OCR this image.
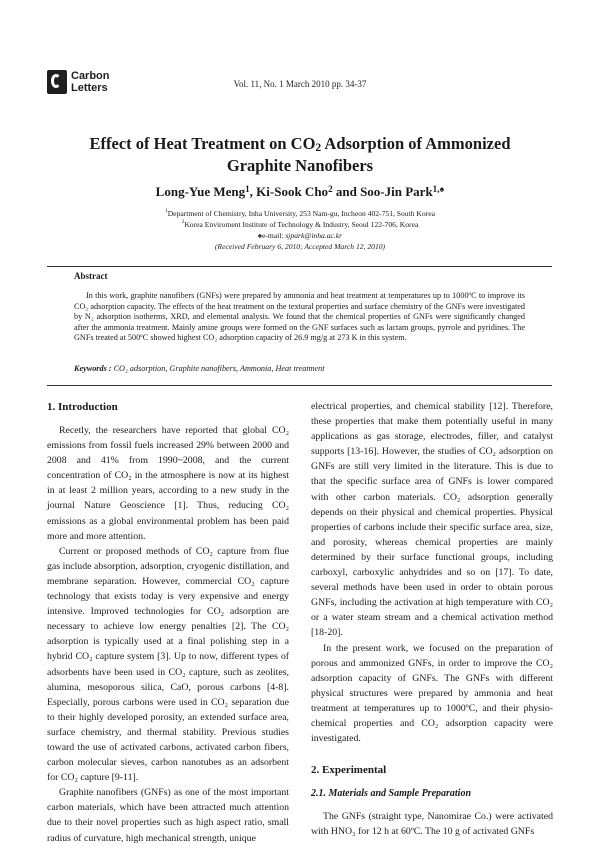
Carbon
Letters	Vol. 11, No. 1 March 2010 pp. 34-37
Effect of Heat Treatment on $CO_2$ Adsorption of Ammonized Graphite Nanofibers

Long-Yue Meng$^1$, Ki-Sook Cho$^2$ and Soo-Jin Park$^{1,♠}$

$^1$Department of Chemistry, Inha University, 253 Nam-gu, Incheon 402-751, South Korea
$^2$Korea Enviroment Institute of Technology & Industry, Seoul 122-706, Korea
♠e-mail: sjpark@inha.ac.kr
(Received February 6, 2010; Accepted March 12, 2010)
Abstract

In this work, graphite nanofibers (GNFs) were prepared by ammonia and heat treatment at temperatures up to 1000ºC to improve its CO₂ adsorption capacity. The effects of the heat treatment on the textural properties and surface chemistry of the GNFs were investigated by N₂ adsorption isotherms, XRD, and elemental analysis. We found that the chemical properties of GNFs were significantly changed after the ammonia treatment. Mainly amine groups were formed on the GNF surfaces such as lactam groups, pyrrole and pyridines. The GNFs treated at 500ºC showed highest CO₂ adsorption capacity of 26.9 mg/g at 273 K in this system.

Keywords : CO₂ adsorption, Graphite nanofibers, Ammonia, Heat treatment
1. Introduction

Recetly, the researchers have reported that global CO₂ emissions from fossil fuels increased 29% between 2000 and 2008 and 41% from 1990~2008, and the current concentration of CO₂ in the atmosphere is now at its highest in at least 2 million years, according to a new study in the journal Nature Geoscience [1]. Thus, reducing CO₂ emissions as a global environmental problem has been paid more and more attention.

Current or proposed methods of CO₂ capture from flue gas include absorption, adsorption, cryogenic distillation, and membrane separation. However, commercial CO₂ capture technology that exists today is very expensive and energy intensive. Improved technologies for CO₂ adsorption are necessary to achieve low energy penalties [2]. The CO₂ adsorption is typically used at a final polishing step in a hybrid CO₂ capture system [3]. Up to now, different types of adsorbents have been used in CO₂ capture, such as zeolites, alumina, mesoporous silica, CaO, porous carbons [4-8]. Especially, porous carbons were used in CO₂ separation due to their highly developed porosity, an extended surface area, surface chemistry, and thermal stability. Previous studies toward the use of activated carbons, activated carbon fibers, carbon molecular sieves, carbon nanotubes as an adsorbent for CO₂ capture [9-11].

Graphite nanofibers (GNFs) as one of the most important carbon materials, which have been attracted much attention due to their novel properties such as high aspect ratio, small radius of curvature, high mechanical strength, unique

electrical properties, and chemical stability [12]. Therefore, these properties that make them potentially useful in many applications as gas storage, electrodes, filler, and catalyst supports [13-16]. However, the studies of CO₂ adsorption on GNFs are still very limited in the literature. This is due to that the specific surface area of GNFs is lower compared with other carbon materials. CO₂ adsorption generally depends on their physical and chemical properties. Physical properties of carbons include their specific surface area, size, and porosity, whereas chemical properties are mainly determined by their surface functional groups, including carboxyl, carboxylic anhydrides and so on [17]. To date, several methods have been used in order to obtain porous GNFs, including the activation at high temperature with CO₂ or a water steam stream and a chemical activation method [18-20].

In the present work, we focused on the preparation of porous and ammonized GNFs, in order to improve the CO₂ adsorption capacity of GNFs. The GNFs with different physical structures were prepared by ammonia and heat treatment at temperatures up to 1000ºC, and their physio-chemical properties and CO₂ adsorption capacity were investigated.

2. Experimental
2.1. Materials and Sample Preparation

The GNFs (straight type, Nanomirae Co.) were activated with HNO₃ for 12 h at 60ºC. The 10 g of activated GNFs
